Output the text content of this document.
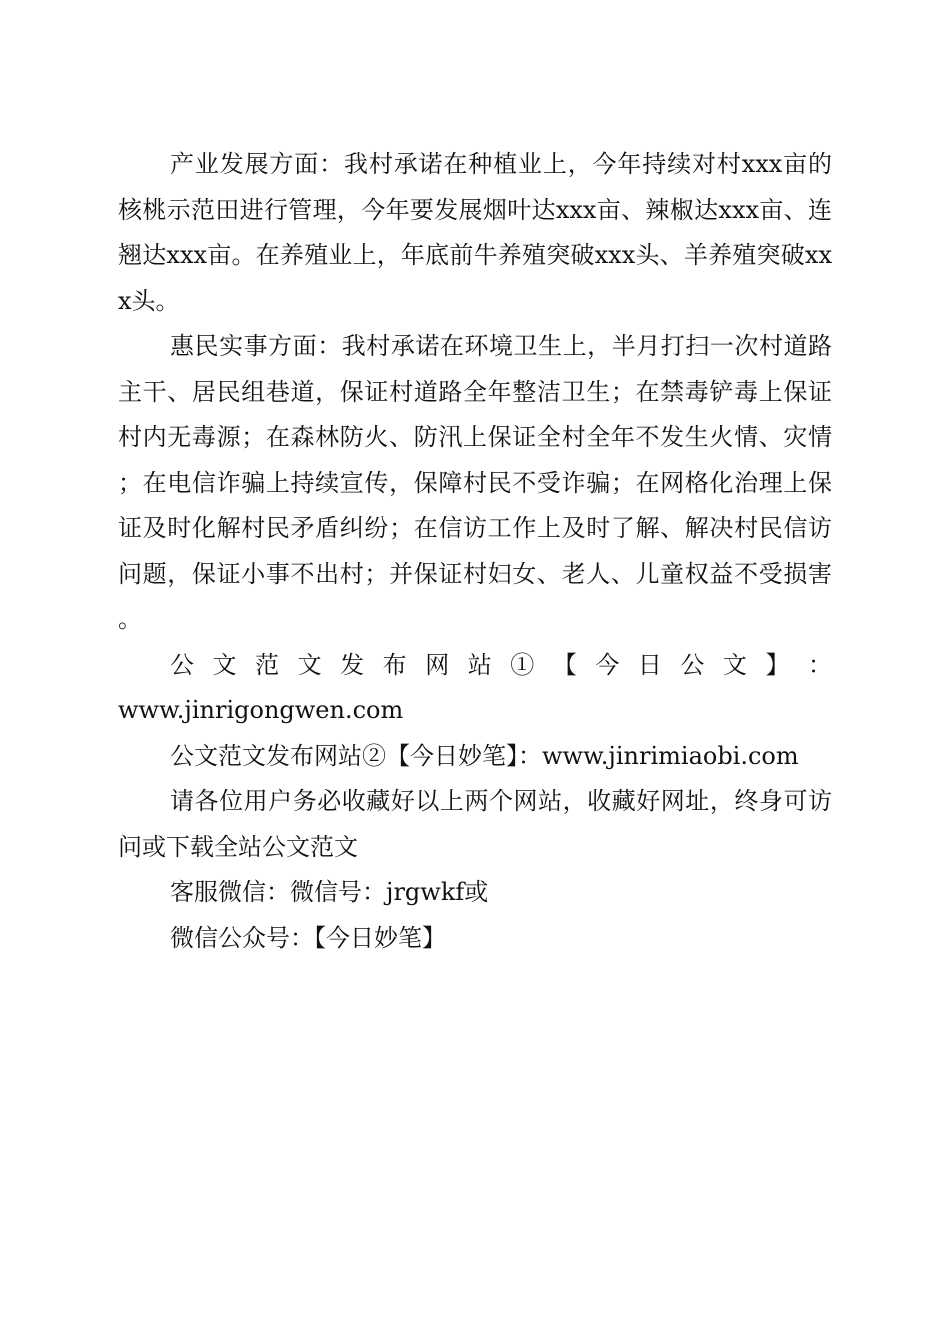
产业发展方面：我村承诺在种植业上，今年持续对村xxx亩的核桃示范田进行管理，今年要发展烟叶达xxx亩、辣椒达xxx亩、连翘达xxx亩。在养殖业上，年底前牛养殖突破xxx头、羊养殖突破xxx头。

惠民实事方面：我村承诺在环境卫生上，半月打扫一次村道路主干、居民组巷道，保证村道路全年整洁卫生；在禁毒铲毒上保证村内无毒源；在森林防火、防汛上保证全村全年不发生火情、灾情；在电信诈骗上持续宣传，保障村民不受诈骗；在网格化治理上保证及时化解村民矛盾纠纷；在信访工作上及时了解、解决村民信访问题，保证小事不出村；并保证村妇女、老人、儿童权益不受损害。

公 文 范 文 发 布 网 站 ① 【 今 日 公 文 】 ：

www.jinrigongwen.com

公文范文发布网站②【今日妙笔】：www.jinrimiaobi.com

请各位用户务必收藏好以上两个网站，收藏好网址，终身可访问或下载全站公文范文

客服微信：微信号：jrgwkf或

微信公众号：【今日妙笔】
